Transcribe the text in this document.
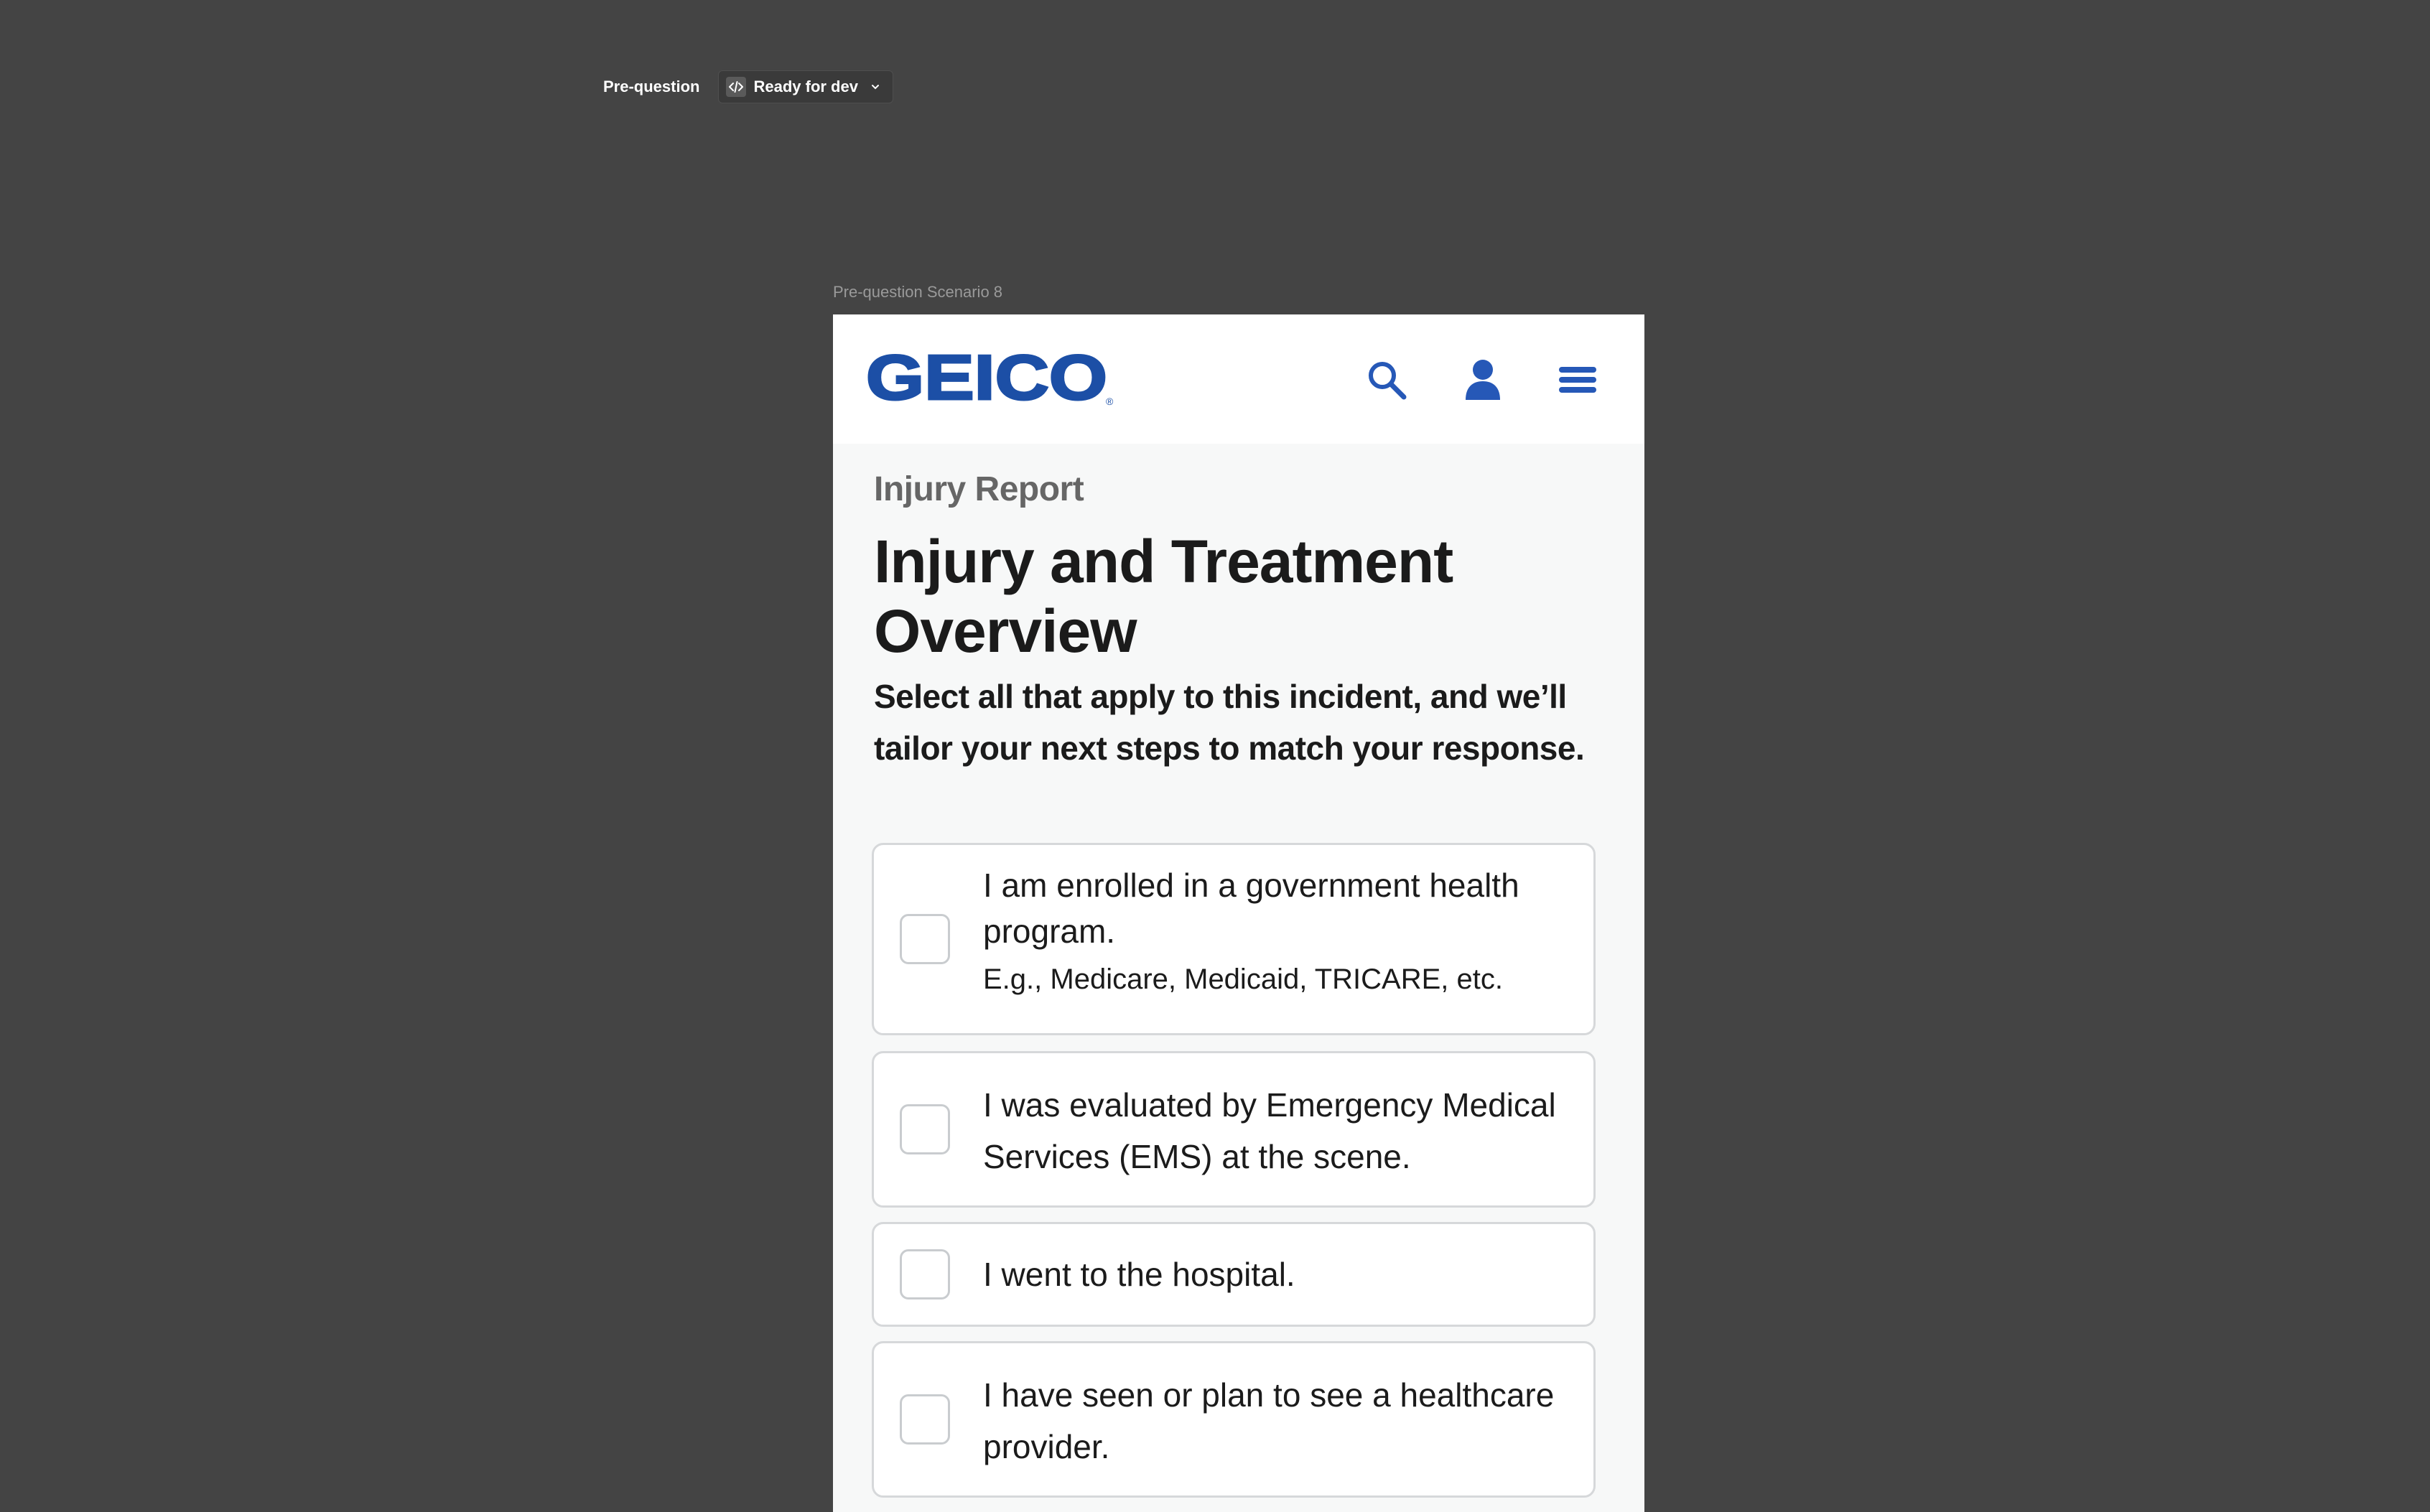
Pre-question	Ready for dev
Pre-question Scenario 8
GEICO
®
Injury Report
Injury and Treatment Overview

Select all that apply to this incident, and we’ll tailor your next steps to match your response.

I am enrolled in a government health program.
E.g., Medicare, Medicaid, TRICARE, etc.
I was evaluated by Emergency Medical Services (EMS) at the scene.
I went to the hospital.
I have seen or plan to see a healthcare provider.
